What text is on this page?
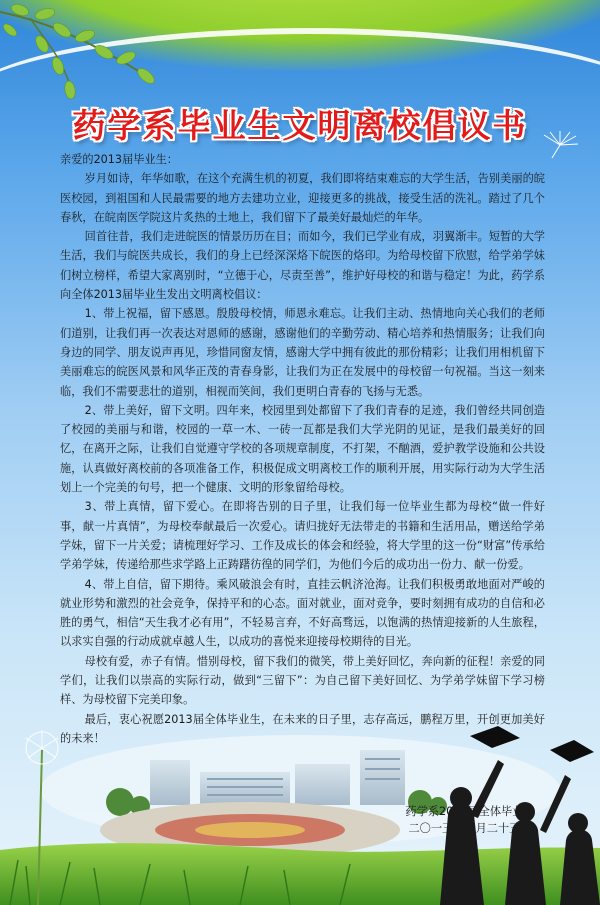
药学系毕业生文明离校倡议书

亲爱的2013届毕业生：

岁月如诗，年华如歌，在这个充满生机的初夏，我们即将结束难忘的大学生活，告别美丽的皖医校园，到祖国和人民最需要的地方去建功立业，迎接更多的挑战，接受生活的洗礼。踏过了几个春秋，在皖南医学院这片炙热的土地上，我们留下了最美好最灿烂的年华。

回首往昔，我们走进皖医的情景历历在目；而如今，我们已学业有成，羽翼渐丰。短暂的大学生活，我们与皖医共成长，我们的身上已经深深烙下皖医的烙印。为给母校留下欣慰，给学弟学妹们树立榜样，希望大家离别时，“立德于心，尽责至善”，维护好母校的和谐与稳定！为此，药学系向全体2013届毕业生发出文明离校倡议：

1、带上祝福，留下感恩。殷殷母校情，师恩永难忘。让我们主动、热情地向关心我们的老师们道别，让我们再一次表达对恩师的感谢，感谢他们的辛勤劳动、精心培养和热情服务；让我们向身边的同学、朋友说声再见，珍惜同窗友情，感谢大学中拥有彼此的那份精彩；让我们用相机留下美丽难忘的皖医风景和风华正茂的青春身影，让我们为正在发展中的母校留一句祝福。当这一刻来临，我们不需要悲壮的道别，相视而笑间，我们更明白青春的飞扬与无悉。

2、带上美好，留下文明。四年来，校园里到处都留下了我们青春的足迹，我们曾经共同创造了校园的美丽与和谐，校园的一草一木、一砖一瓦都是我们大学光阴的见证，是我们最美好的回忆，在离开之际，让我们自觉遵守学校的各项规章制度，不打架，不酗酒，爱护教学设施和公共设施，认真做好离校前的各项准备工作，积极促成文明离校工作的顺利开展，用实际行动为大学生活划上一个完美的句号，把一个健康、文明的形象留给母校。

3、带上真情，留下爱心。在即将告别的日子里，让我们每一位毕业生都为母校“做一件好事，献一片真情”，为母校奉献最后一次爱心。请归拢好无法带走的书籍和生活用品，赠送给学弟学妹，留下一片关爱；请梳理好学习、工作及成长的体会和经验，将大学里的这一份“财富”传承给学弟学妹，传递给那些求学路上正踌躇彷徨的同学们，为他们今后的成功出一份力、献一份爱。

4、带上自信，留下期待。乘风破浪会有时，直挂云帆济沧海。让我们积极勇敢地面对严峻的就业形势和激烈的社会竞争，保持平和的心态。面对就业，面对竞争，要时刻拥有成功的自信和必胜的勇气，相信“天生我才必有用”，不轻易言弃，不好高骛远，以饱满的热情迎接新的人生旅程，以求实自强的行动成就卓越人生，以成功的喜悦来迎接母校期待的目光。

母校有爱，赤子有情。惜别母校，留下我们的微笑，带上美好回忆，奔向新的征程！亲爱的同学们，让我们以崇高的实际行动，做到“三留下”：为自己留下美好回忆、为学弟学妹留下学习榜样、为母校留下完美印象。

最后，衷心祝愿2013届全体毕业生，在未来的日子里，志存高远，鹏程万里，开创更加美好的未来！

药学系2013届全体毕业生
二〇一三年四月二十三日
